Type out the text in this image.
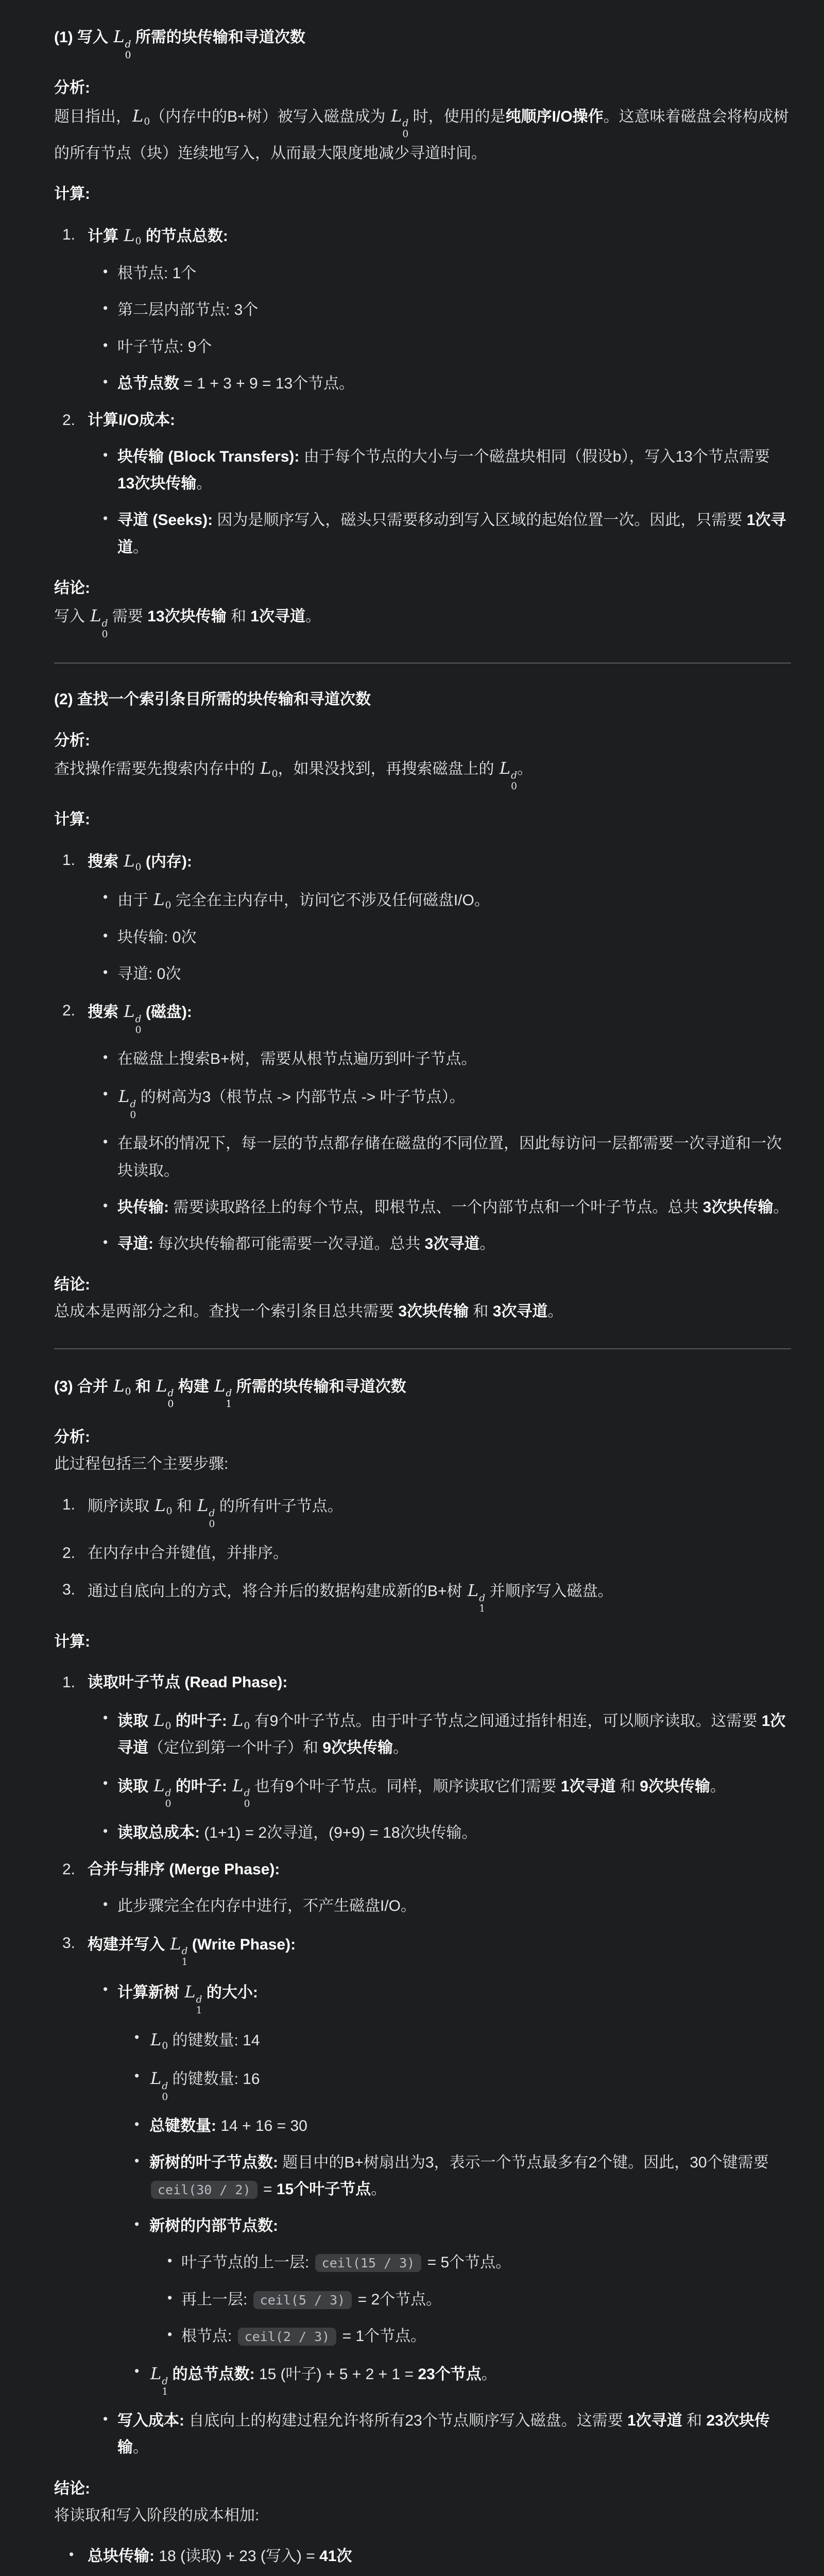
(1) 写入 L d
0
所需的块传输和寻道次数
分析:
题目指出，L0（内存中的B+树）被写入磁盘成为 L d
0
时，使用的是纯顺序I/O操作。这意味着磁盘会将构成树的所有节点（块）连续地写入，从而最大限度地减少寻道时间。
计算:
1. 计算 L0 的节点总数:
• 根节点: 1个
• 第二层内部节点: 3个
• 叶子节点: 9个
• 总节点数 = 1 + 3 + 9 = 13个节点。
2. 计算I/O成本:
• 块传输 (Block Transfers): 由于每个节点的大小与一个磁盘块相同（假设b），写入13个节点需要 13次块传输。
• 寻道 (Seeks): 因为是顺序写入，磁头只需要移动到写入区域的起始位置一次。因此，只需要 1次寻道。
结论:
写入 L d
0
需要 13次块传输 和 1次寻道。
(2) 查找一个索引条目所需的块传输和寻道次数
分析:
查找操作需要先搜索内存中的 L0，如果没找到，再搜索磁盘上的 L d
0
。
计算:
1. 搜索 L0 (内存):
• 由于 L0 完全在主内存中，访问它不涉及任何磁盘I/O。
• 块传输: 0次
• 寻道: 0次
2. 搜索 L d
0
(磁盘):
• 在磁盘上搜索B+树，需要从根节点遍历到叶子节点。
• L d
0
的树高为3（根节点 -> 内部节点 -> 叶子节点）。
• 在最坏的情况下，每一层的节点都存储在磁盘的不同位置，因此每访问一层都需要一次寻道和一次块读取。
• 块传输: 需要读取路径上的每个节点，即根节点、一个内部节点和一个叶子节点。总共 3次块传输。
• 寻道: 每次块传输都可能需要一次寻道。总共 3次寻道。
结论:
总成本是两部分之和。查找一个索引条目总共需要 3次块传输 和 3次寻道。
(3) 合并 L0 和 L d
0
构建 L d
1
所需的块传输和寻道次数
分析:
此过程包括三个主要步骤:
1. 顺序读取 L0 和 L d
0
的所有叶子节点。
2. 在内存中合并键值，并排序。
3. 通过自底向上的方式，将合并后的数据构建成新的B+树 L d
1
并顺序写入磁盘。
计算:
1. 读取叶子节点 (Read Phase):
• 读取 L0 的叶子: L0 有9个叶子节点。由于叶子节点之间通过指针相连，可以顺序读取。这需要 1次寻道（定位到第一个叶子）和 9次块传输。
• 读取 L d
0
的叶子: L d
0
也有9个叶子节点。同样，顺序读取它们需要 1次寻道 和 9次块传输。
• 读取总成本: (1+1) = 2次寻道，(9+9) = 18次块传输。
2. 合并与排序 (Merge Phase):
• 此步骤完全在内存中进行，不产生磁盘I/O。
3. 构建并写入 L d
1
(Write Phase):
• 计算新树 L d
1
的大小:
• L0 的键数量: 14
• L d
0
的键数量: 16
• 总键数量: 14 + 16 = 30
• 新树的叶子节点数: 题目中的B+树扇出为3，表示一个节点最多有2个键。因此，30个键需要 ceil(30 / 2) = 15个叶子节点。
• 新树的内部节点数:
• 叶子节点的上一层: ceil(15 / 3) = 5个节点。
• 再上一层: ceil(5 / 3) = 2个节点。
• 根节点: ceil(2 / 3) = 1个节点。
• L d
1
的总节点数: 15 (叶子) + 5 + 2 + 1 = 23个节点。
• 写入成本: 自底向上的构建过程允许将所有23个节点顺序写入磁盘。这需要 1次寻道 和 23次块传输。
结论:
将读取和写入阶段的成本相加:
• 总块传输: 18 (读取) + 23 (写入) = 41次
